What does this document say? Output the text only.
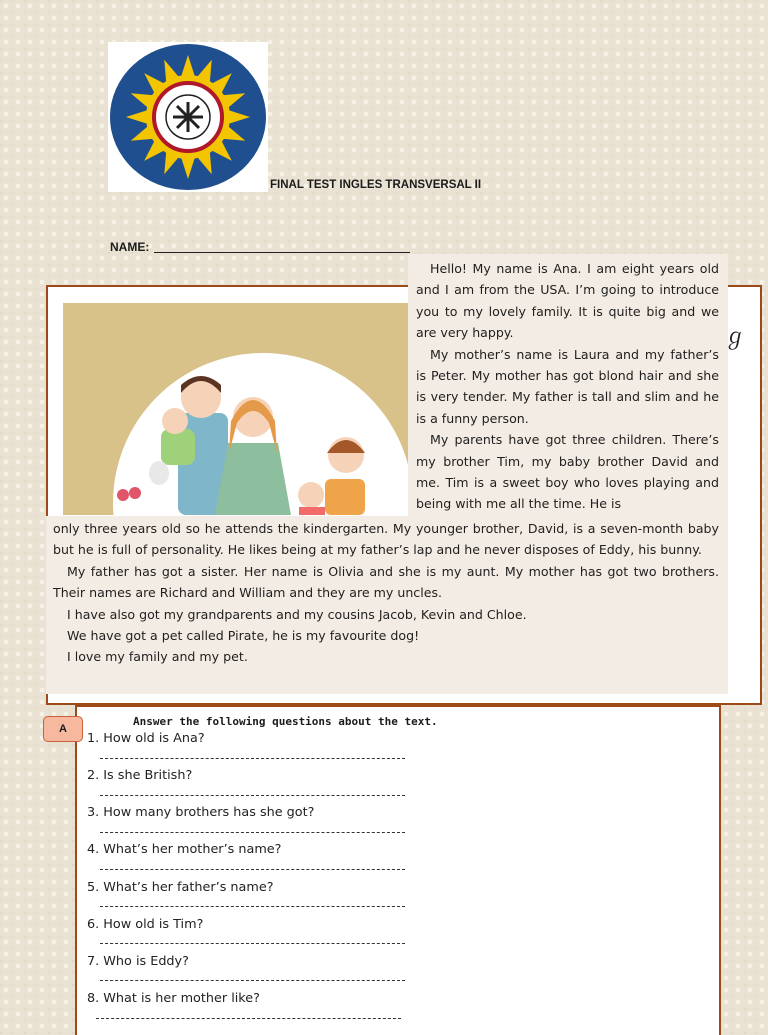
FINAL TEST INGLES TRANSVERSAL II
NAME:

Hello! My name is Ana. I am eight years old and I am from the USA. I’m going to introduce you to my lovely family. It is quite big and we are very happy.

My mother’s name is Laura and my father’s is Peter. My mother has got blond hair and she is very tender. My father is tall and slim and he is a funny person.

My parents have got three children. There’s my brother Tim, my baby brother David and me. Tim is a sweet boy who loves playing and being with me all the time. He is

only three years old so he attends the kindergarten. My younger brother, David, is a seven-month baby but he is full of personality. He likes being at my father’s lap and he never disposes of Eddy, his bunny.

My father has got a sister. Her name is Olivia and she is my aunt. My mother has got two brothers. Their names are Richard and William and they are my uncles.

I have also got my grandparents and my cousins Jacob, Kevin and Chloe.

We have got a pet called Pirate, he is my favourite dog!

I love my family and my pet.

ℊ
A
Answer the following questions about the text.
1. How old is Ana?
2. Is she British?
3. How many brothers has she got?
4. What’s her mother’s name?
5. What’s her father’s name?
6. How old is Tim?
7. Who is Eddy?
8. What is her mother like?
